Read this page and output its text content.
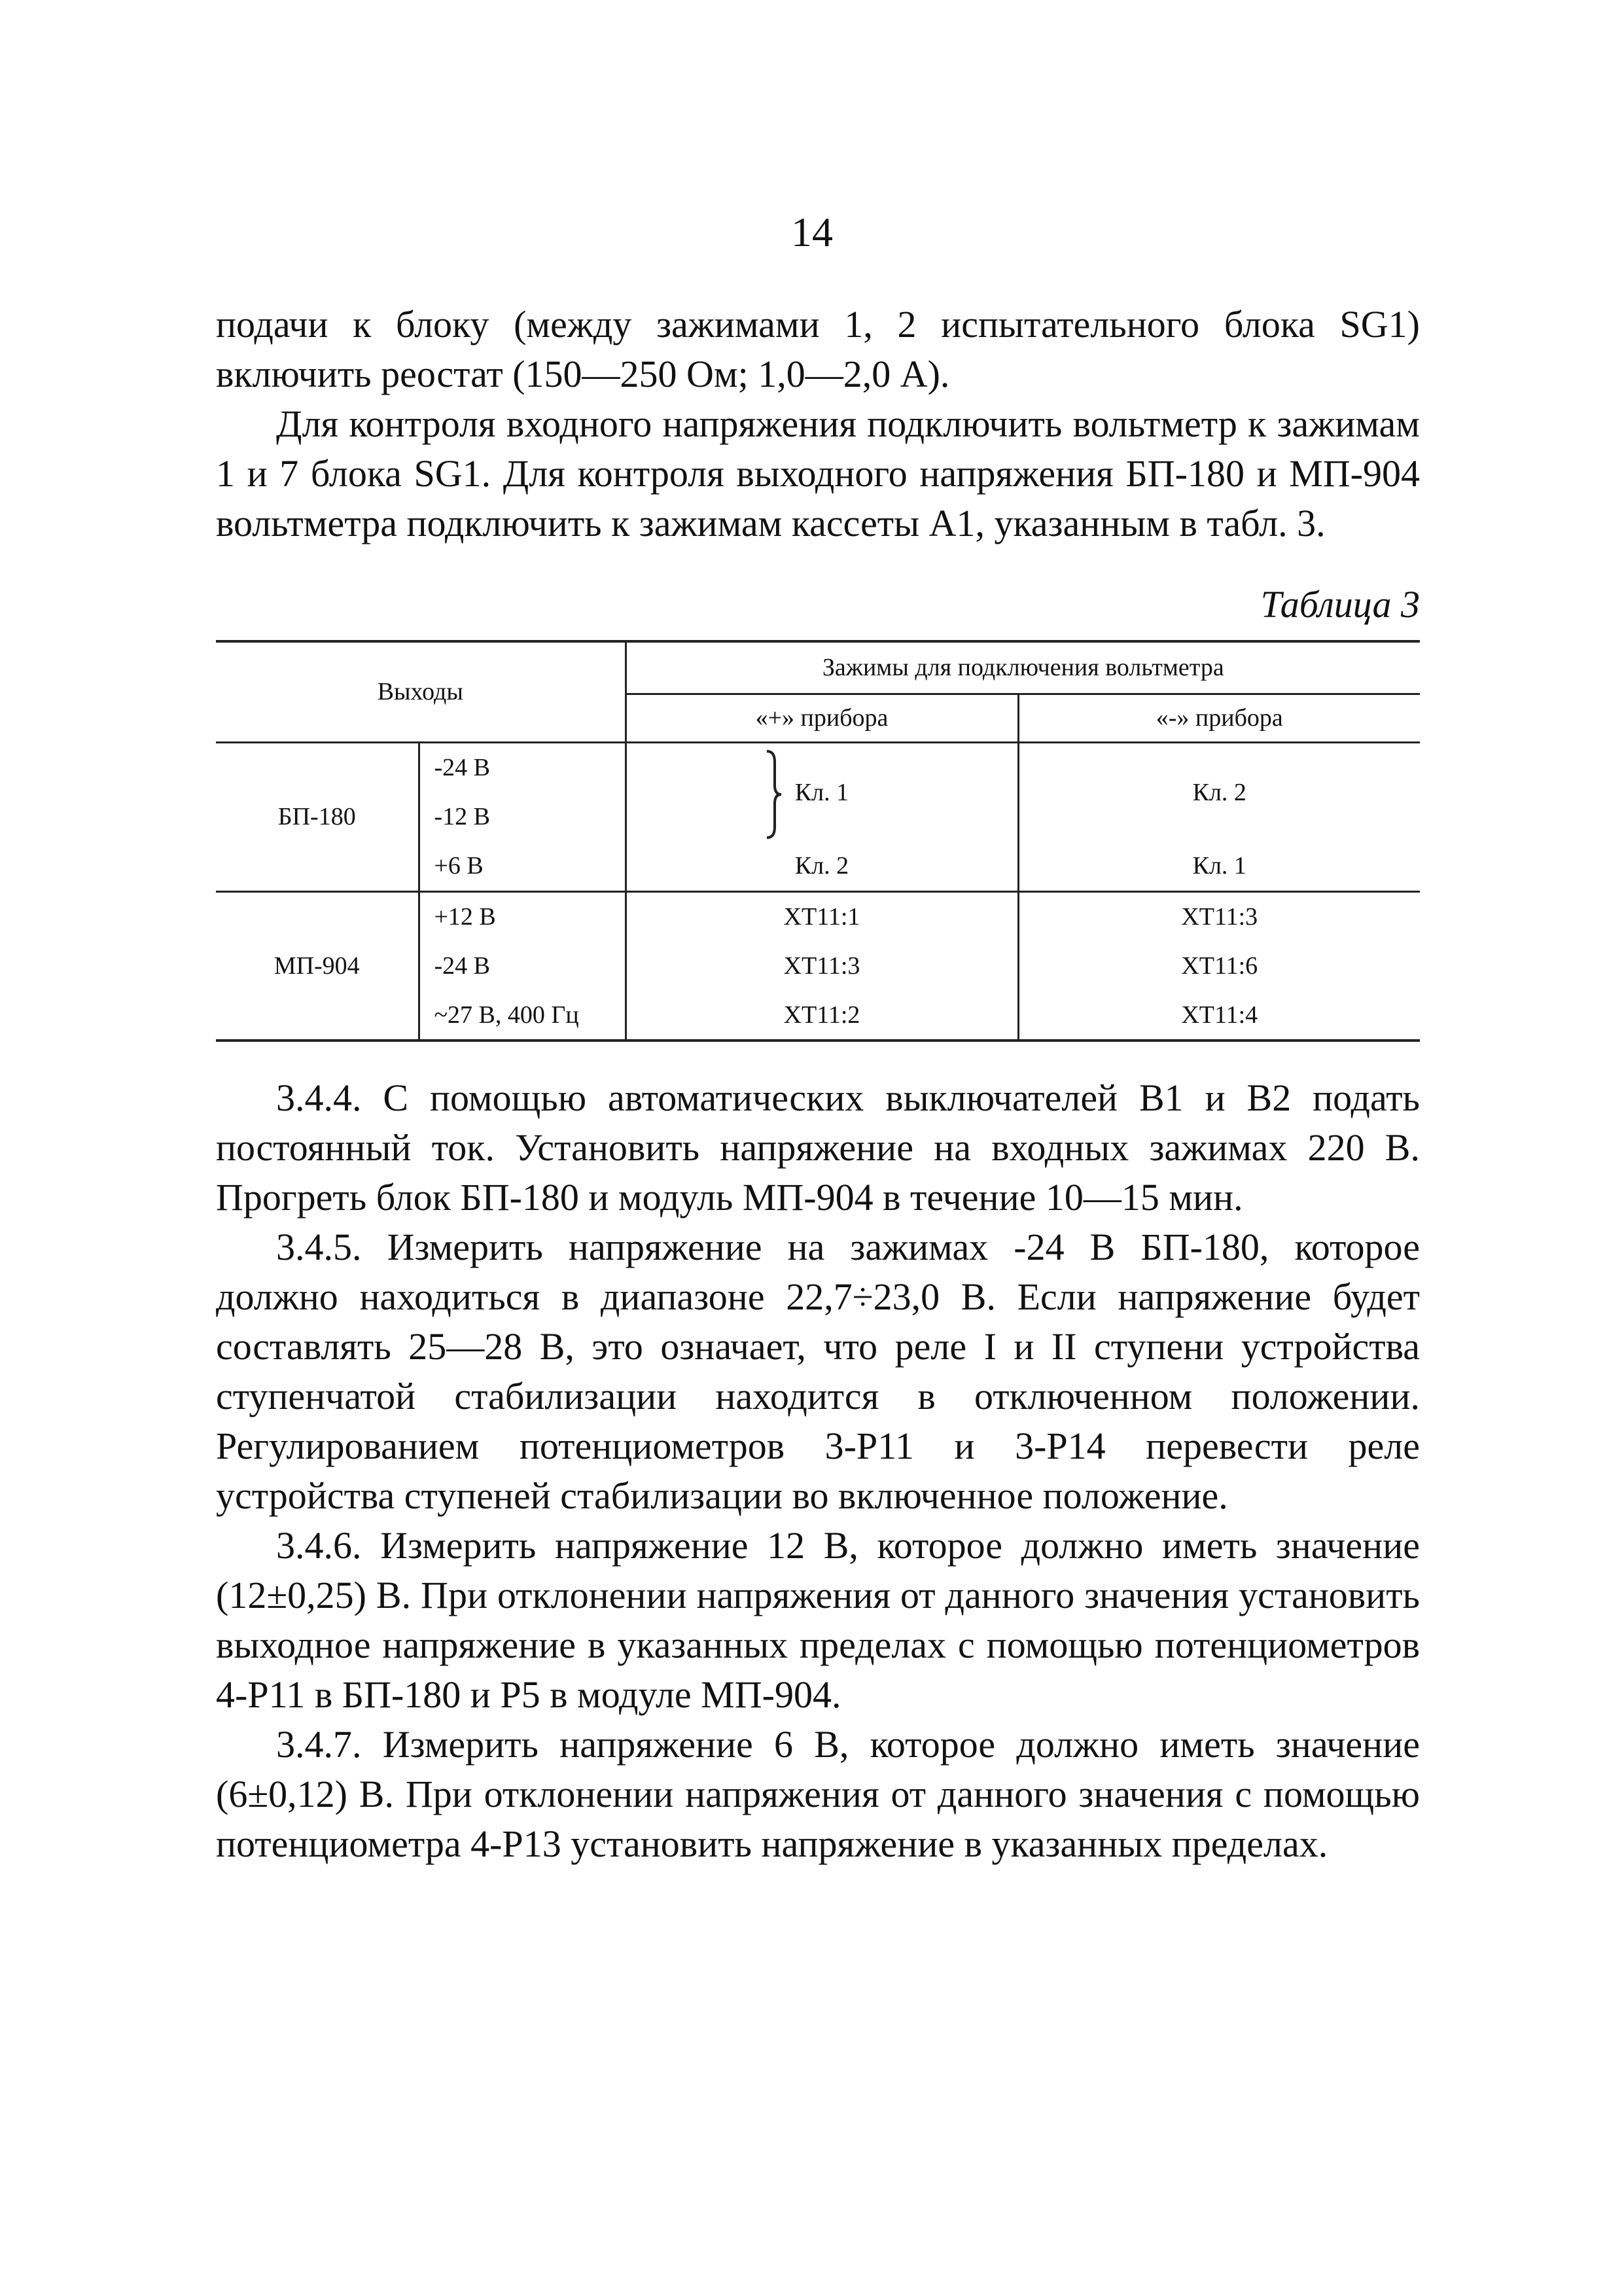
14

подачи к блоку (между зажимами 1, 2 испытательного блока SG1) включить реостат (150—250 Ом; 1,0—2,0 А).

Для контроля входного напряжения подключить вольтметр к зажимам 1 и 7 блока SG1. Для контроля выходного напряжения БП-180 и МП-904 вольтметра подключить к зажимам кассеты А1, указанным в табл. 3.

Таблица 3
Выходы		Зажимы для подключения вольтметра	
		«+» прибора	«-» прибора
БП-180	-24 В	Кл. 1	Кл. 2
	-12 В		
	+6 В	Кл. 2	Кл. 1
МП-904	+12 В	ХТ11:1	ХТ11:3
	-24 В	ХТ11:3	ХТ11:6
	~27 В, 400 Гц	ХТ11:2	ХТ11:4

3.4.4. С помощью автоматических выключателей В1 и В2 подать постоянный ток. Установить напряжение на входных зажимах 220 В. Прогреть блок БП-180 и модуль МП-904 в течение 10—15 мин.

3.4.5. Измерить напряжение на зажимах -24 В БП-180, которое должно находиться в диапазоне 22,7÷23,0 В. Если напряжение будет составлять 25—28 В, это означает, что реле I и II ступени устройства ступенчатой стабилизации находится в отключенном положении. Регулированием потенциометров 3-Р11 и 3-Р14 перевести реле устройства ступеней стабилизации во включенное положение.

3.4.6. Измерить напряжение 12 В, которое должно иметь значение (12±0,25) В. При отклонении напряжения от данного значения установить выходное напряжение в указанных пределах с помощью потенциометров 4-Р11 в БП-180 и Р5 в модуле МП-904.

3.4.7. Измерить напряжение 6 В, которое должно иметь значение (6±0,12) В. При отклонении напряжения от данного значения с помощью потенциометра 4-Р13 установить напряжение в указанных пределах.
